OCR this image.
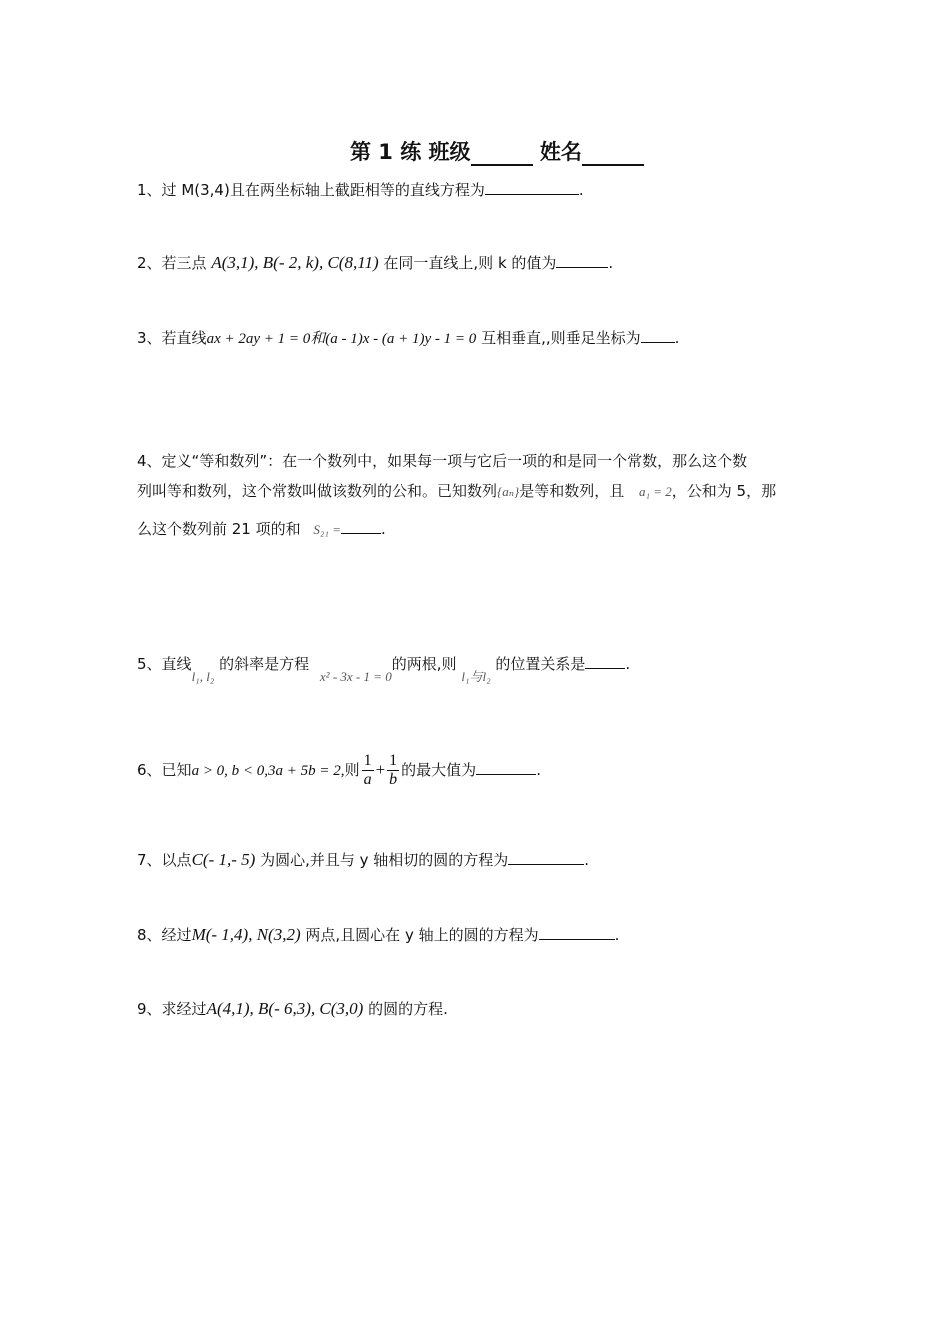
第 1 练 班级	姓名
1、过 M(3,4)且在两坐标轴上截距相等的直线方程为	.
2、若三点 A(3,1), B(- 2, k), C(8,11) 在同一直线上,则 k 的值为	.
3、若直线ax + 2ay + 1 = 0和(a - 1)x - (a + 1)y - 1 = 0 互相垂直,,则垂足坐标为 .
4、定义“等和数列”：在一个数列中，如果每一项与它后一项的和是同一个常数，那么这个数
列叫等和数列，这个常数叫做该数列的公和。已知数列{aₙ}是等和数列，且 a₁ = 2，公和为 5，那
么这个数列前 21 项的和 S₂₁ =	.
5、直线l₁, l₂ 的斜率是方程 x² - 3x - 1 = 0的两根,则 l₁与l₂ 的位置关系是	.
6、已知a > 0, b < 0,3a + 5b = 2,则 $\frac{1}{a} + \frac{1}{b}$ 的最大值为	.
7、以点C(- 1,- 5) 为圆心,并且与 y 轴相切的圆的方程为	.
8、经过M(- 1,4), N(3,2) 两点,且圆心在 y 轴上的圆的方程为	.
9、求经过A(4,1), B(- 6,3), C(3,0) 的圆的方程.
